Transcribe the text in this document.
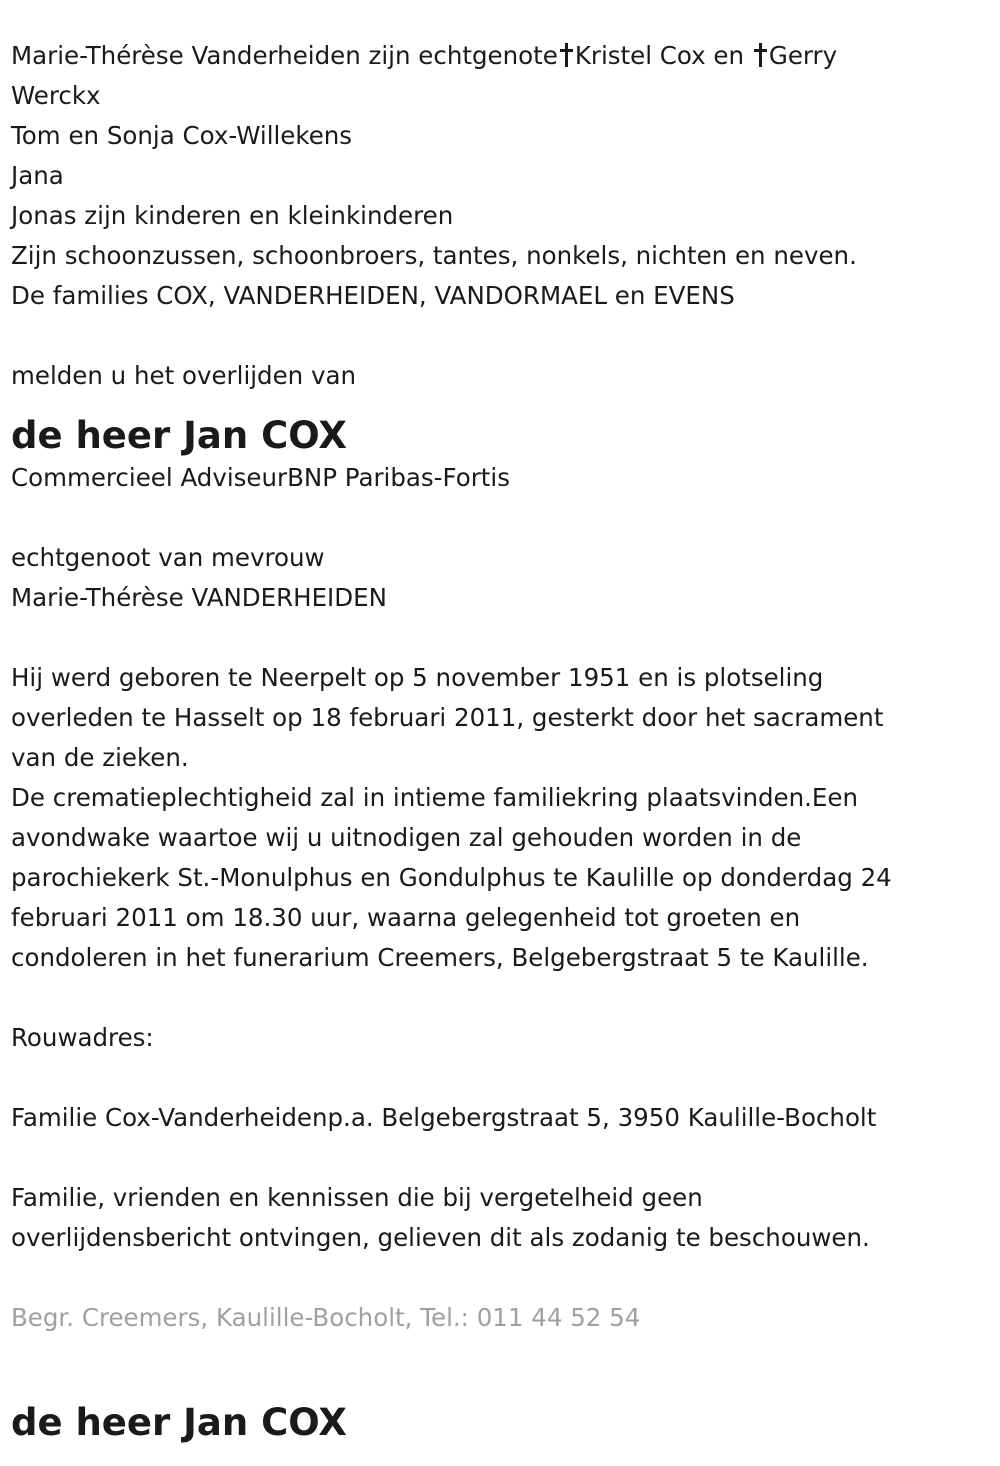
Marie-Thérèse Vanderheiden zijn echtgenote Kristel Cox en Gerry
Werckx
Tom en Sonja Cox-Willekens
Jana
Jonas zijn kinderen en kleinkinderen
Zijn schoonzussen, schoonbroers, tantes, nonkels, nichten en neven.
De families COX, VANDERHEIDEN, VANDORMAEL en EVENS
melden u het overlijden van
de heer Jan COX
Commercieel AdviseurBNP Paribas-Fortis
echtgenoot van mevrouw
Marie-Thérèse VANDERHEIDEN
Hij werd geboren te Neerpelt op 5 november 1951 en is plotseling
overleden te Hasselt op 18 februari 2011, gesterkt door het sacrament
van de zieken.
De crematieplechtigheid zal in intieme familiekring plaatsvinden.Een
avondwake waartoe wij u uitnodigen zal gehouden worden in de
parochiekerk St.-Monulphus en Gondulphus te Kaulille op donderdag 24
februari 2011 om 18.30 uur, waarna gelegenheid tot groeten en
condoleren in het funerarium Creemers, Belgebergstraat 5 te Kaulille.
Rouwadres:
Familie Cox-Vanderheidenp.a. Belgebergstraat 5, 3950 Kaulille-Bocholt
Familie, vrienden en kennissen die bij vergetelheid geen
overlijdensbericht ontvingen, gelieven dit als zodanig te beschouwen.
Begr. Creemers, Kaulille-Bocholt, Tel.: 011 44 52 54
de heer Jan COX
